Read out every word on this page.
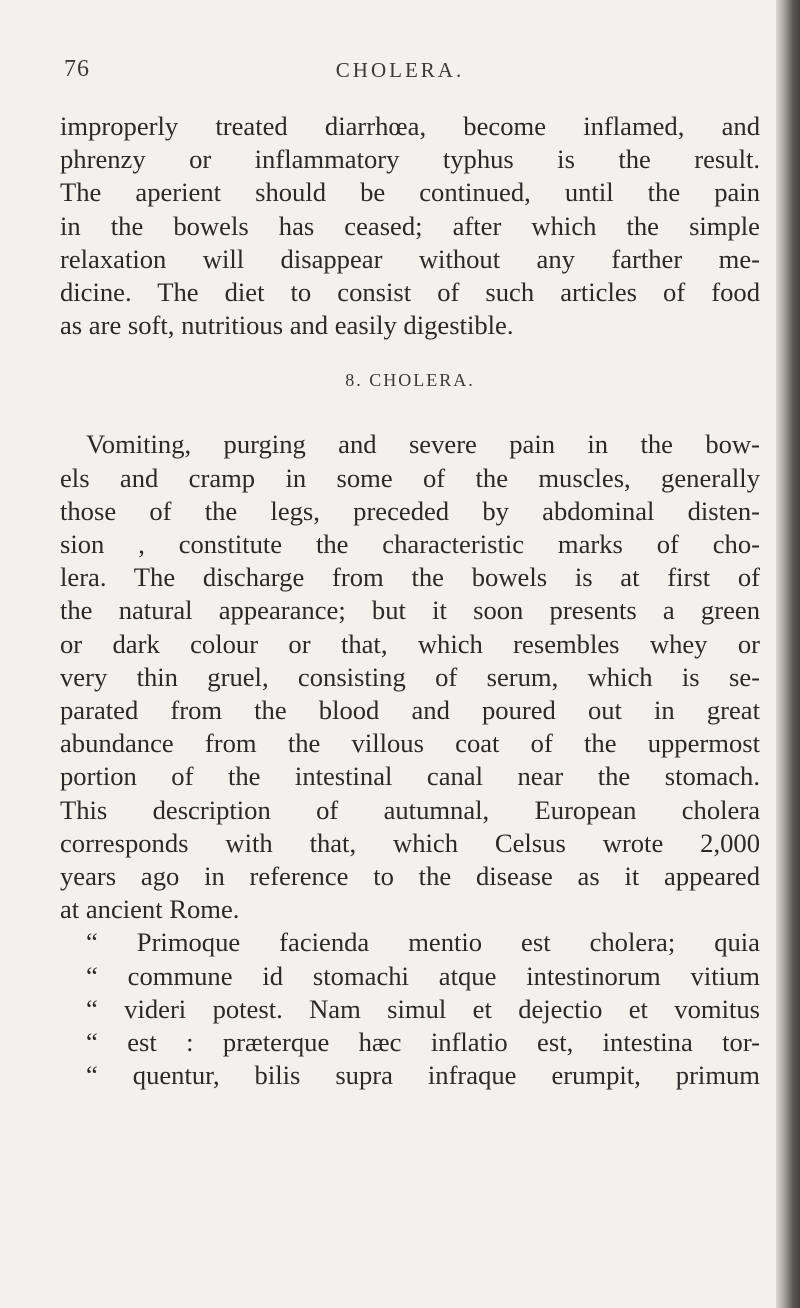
76	CHOLERA.
improperly treated diarrhœa, become inflamed, and
phrenzy or inflammatory typhus is the result.
The aperient should be continued, until the pain
in the bowels has ceased; after which the simple
relaxation will disappear without any farther me-
dicine. The diet to consist of such articles of food
as are soft, nutritious and easily digestible.
8. CHOLERA.
Vomiting, purging and severe pain in the bow-
els and cramp in some of the muscles, generally
those of the legs, preceded by abdominal disten-
sion , constitute the characteristic marks of cho-
lera. The discharge from the bowels is at first of
the natural appearance; but it soon presents a green
or dark colour or that, which resembles whey or
very thin gruel, consisting of serum, which is se-
parated from the blood and poured out in great
abundance from the villous coat of the uppermost
portion of the intestinal canal near the stomach.
This description of autumnal, European cholera
corresponds with that, which Celsus wrote 2,000
years ago in reference to the disease as it appeared
at ancient Rome.
“ Primoque facienda mentio est cholera; quia
“ commune id stomachi atque intestinorum vitium
“ videri potest. Nam simul et dejectio et vomitus
“ est : prӕterque hӕc inflatio est, intestina tor-
“ quentur, bilis supra infraque erumpit, primum
